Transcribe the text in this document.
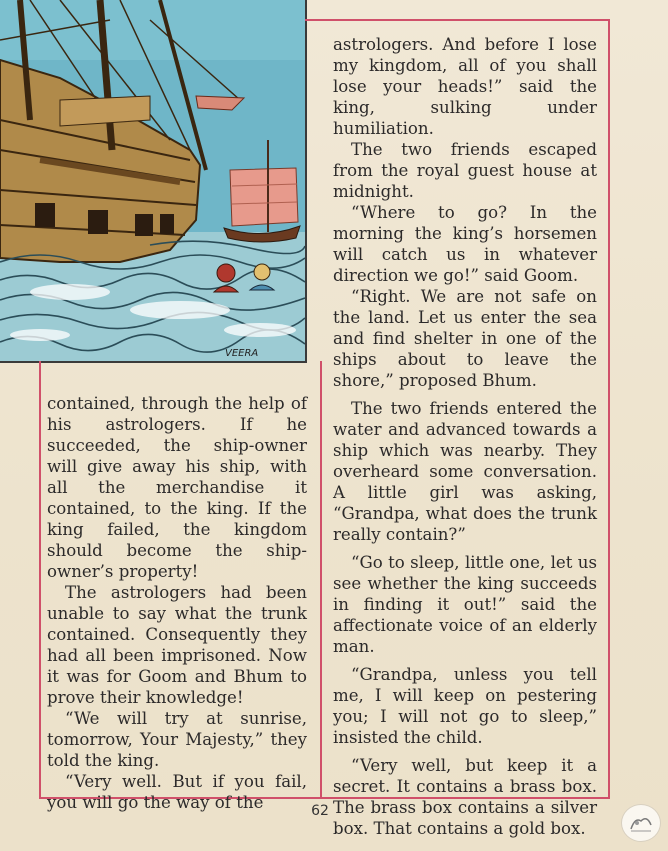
VEERA

astrologers. And before I lose my kingdom, all of you shall lose your heads!” said the king, sulking under humiliation.

The two friends escaped from the royal guest house at midnight.

“Where to go? In the morning the king’s horsemen will catch us in whatever direction we go!” said Goom.

“Right. We are not safe on the land. Let us enter the sea and find shelter in one of the ships about to leave the shore,” proposed Bhum.

The two friends entered the water and advanced towards a ship which was nearby. They overheard some conversation. A little girl was asking, “Grandpa, what does the trunk really contain?”

“Go to sleep, little one, let us see whether the king succeeds in finding it out!” said the affectionate voice of an elderly man.

“Grandpa, unless you tell me, I will keep on pestering you; I will not go to sleep,” insisted the child.

“Very well, but keep it a secret. It contains a brass box. The brass box contains a silver box. That contains a gold box.

contained, through the help of his astrologers. If he succeeded, the ship-owner will give away his ship, with all the merchandise it contained, to the king. If the king failed, the kingdom should become the ship-owner’s property!

The astrologers had been unable to say what the trunk contained. Consequently they had all been imprisoned. Now it was for Goom and Bhum to prove their knowledge!

“We will try at sunrise, tomorrow, Your Majesty,” they told the king.

“Very well. But if you fail, you will go the way of the	62
